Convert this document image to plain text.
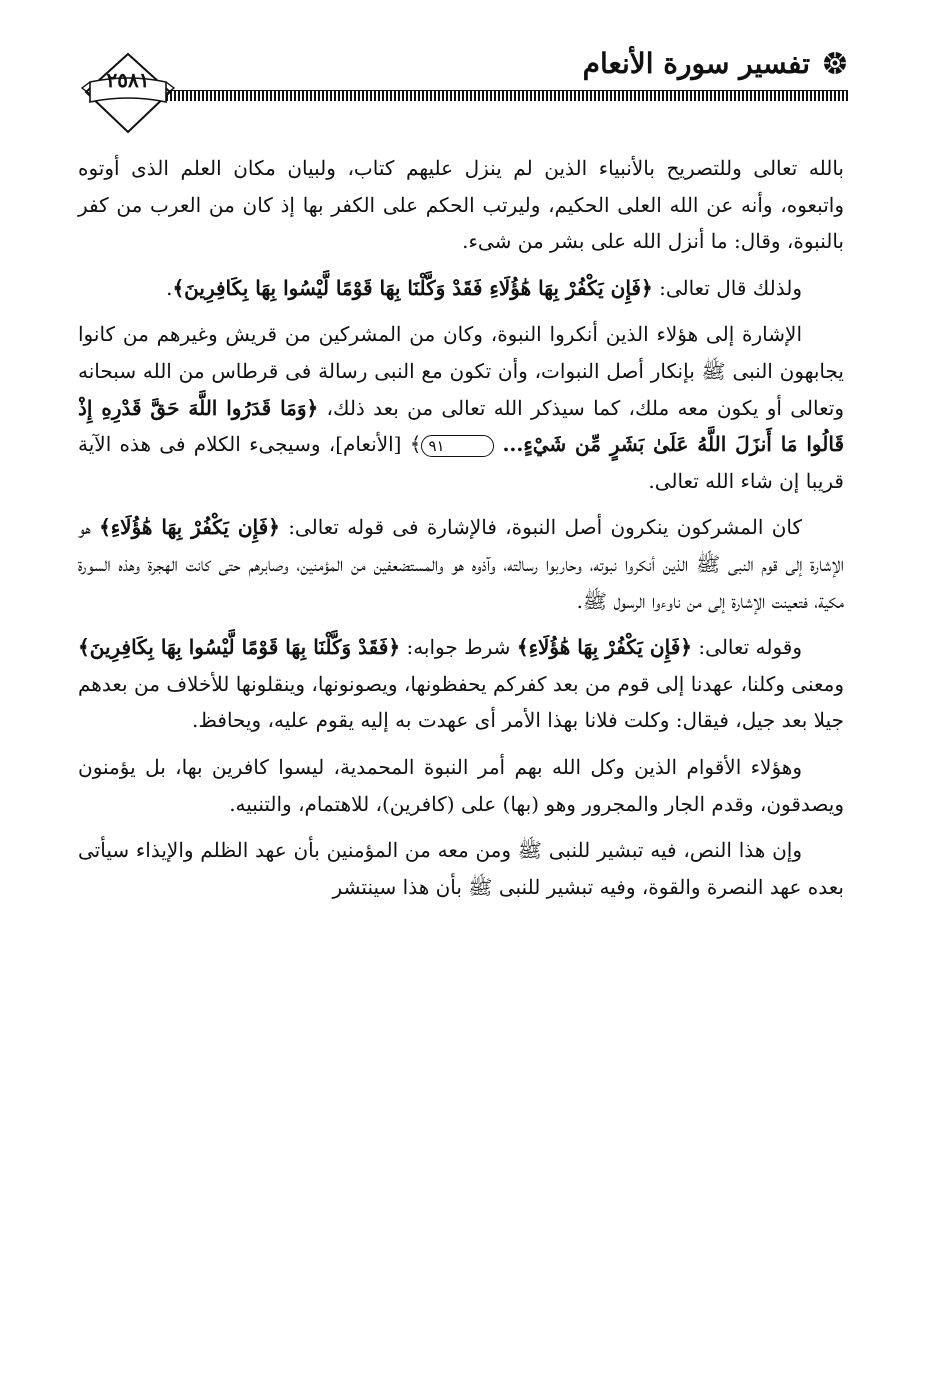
تفسير سورة الأنعام
٢٥٨١

بالله تعالى وللتصريح بالأنبياء الذين لم ينزل عليهم كتاب، ولبيان مكان العلم الذى أوتوه واتبعوه، وأنه عن الله العلى الحكيم، وليرتب الحكم على الكفر بها إذ كان من العرب من كفر بالنبوة، وقال: ما أنزل الله على بشر من شىء.

ولذلك قال تعالى: ﴿فَإِن يَكْفُرْ بِهَا هَٰؤُلَاءِ فَقَدْ وَكَّلْنَا بِهَا قَوْمًا لَّيْسُوا بِهَا بِكَافِرِينَ﴾.

الإشارة إلى هؤلاء الذين أنكروا النبوة، وكان من المشركين من قريش وغيرهم من كانوا يجابهون النبى ﷺ بإنكار أصل النبوات، وأن تكون مع النبى رسالة فى قرطاس من الله سبحانه وتعالى أو يكون معه ملك، كما سيذكر الله تعالى من بعد ذلك، ﴿وَمَا قَدَرُوا اللَّهَ حَقَّ قَدْرِهِ إِذْ قَالُوا مَا أَنزَلَ اللَّهُ عَلَىٰ بَشَرٍ مِّن شَيْءٍ... ٩١﴾ [الأنعام]، وسيجىء الكلام فى هذه الآية قريبا إن شاء الله تعالى.

كان المشركون ينكرون أصل النبوة، فالإشارة فى قوله تعالى: ﴿فَإِن يَكْفُرْ بِهَا هَٰؤُلَاءِ﴾ هو الإشارة إلى قوم النبى ﷺ الذين أنكروا نبوته، وحاربوا رسالته، وآذوه هو والمستضعفين من المؤمنين، وصابرهم حتى كانت الهجرة وهذه السورة مكية، فتعينت الإشارة إلى من ناوءوا الرسول ﷺ.

وقوله تعالى: ﴿فَإِن يَكْفُرْ بِهَا هَٰؤُلَاءِ﴾ شرط جوابه: ﴿فَقَدْ وَكَّلْنَا بِهَا قَوْمًا لَّيْسُوا بِهَا بِكَافِرِينَ﴾ ومعنى وكلنا، عهدنا إلى قوم من بعد كفركم يحفظونها، ويصونونها، وينقلونها للأخلاف من بعدهم جيلا بعد جيل، فيقال: وكلت فلانا بهذا الأمر أى عهدت به إليه يقوم عليه، ويحافظ.

وهؤلاء الأقوام الذين وكل الله بهم أمر النبوة المحمدية، ليسوا كافرين بها، بل يؤمنون ويصدقون، وقدم الجار والمجرور وهو (بها) على (كافرين)، للاهتمام، والتنبيه.

وإن هذا النص، فيه تبشير للنبى ﷺ ومن معه من المؤمنين بأن عهد الظلم والإيذاء سيأتى بعده عهد النصرة والقوة، وفيه تبشير للنبى ﷺ بأن هذا سينتشر
